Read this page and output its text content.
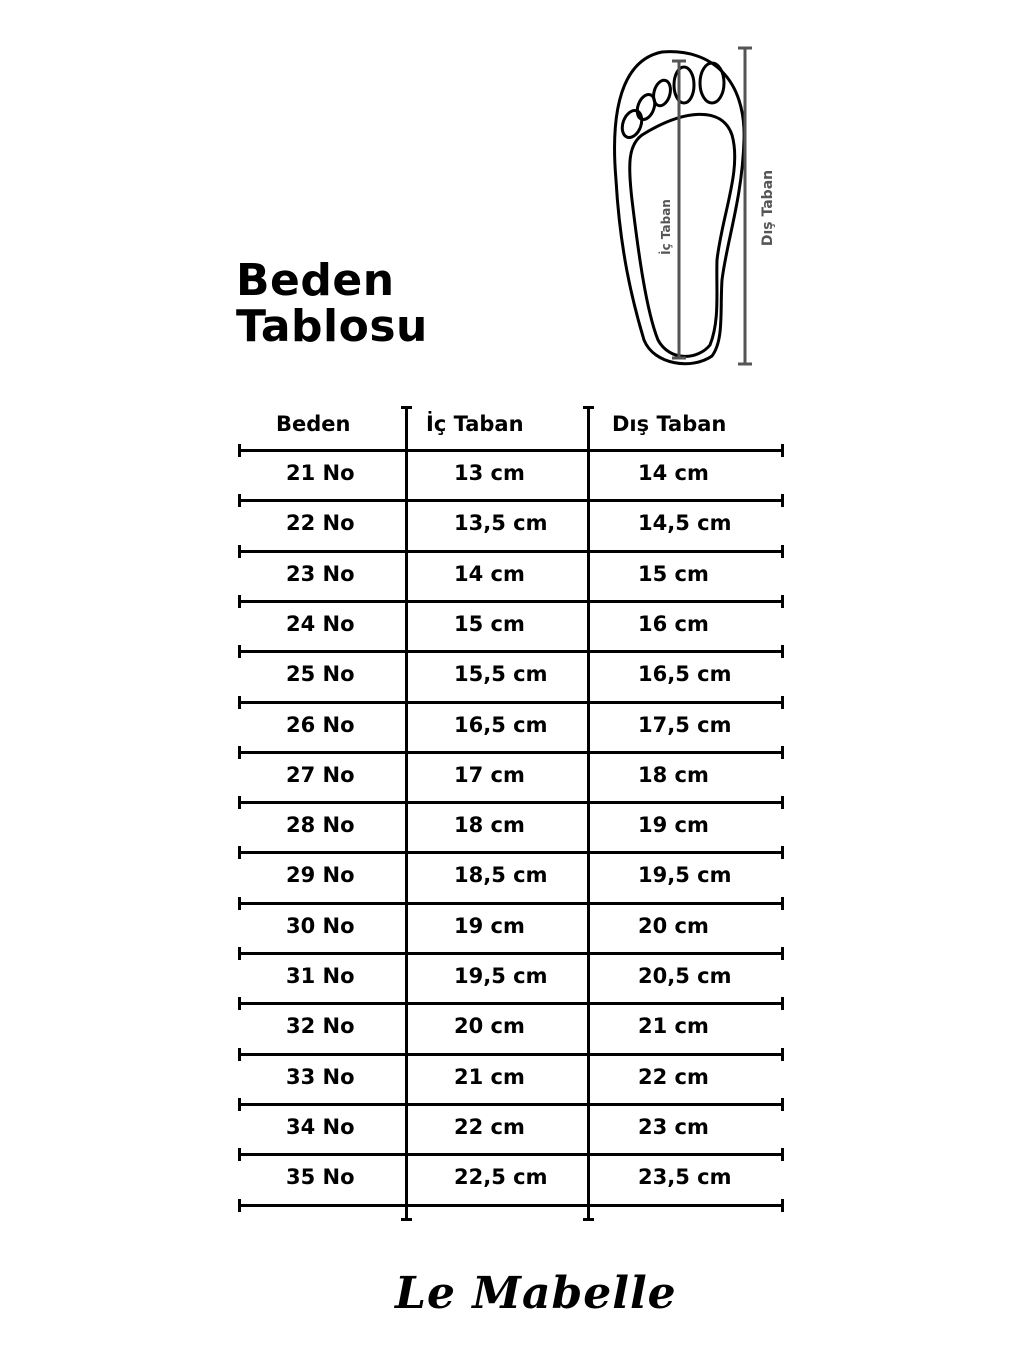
Beden
Tablosu
İç Taban	Dış Taban
Beden	İç Taban	Dış Taban
21 No	13 cm	14 cm
22 No	13,5 cm	14,5 cm
23 No	14 cm	15 cm
24 No	15 cm	16 cm
25 No	15,5 cm	16,5 cm
26 No	16,5 cm	17,5 cm
27 No	17 cm	18 cm
28 No	18 cm	19 cm
29 No	18,5 cm	19,5 cm
30 No	19 cm	20 cm
31 No	19,5 cm	20,5 cm
32 No	20 cm	21 cm
33 No	21 cm	22 cm
34 No	22 cm	23 cm
35 No	22,5 cm	23,5 cm
Le Mabelle
